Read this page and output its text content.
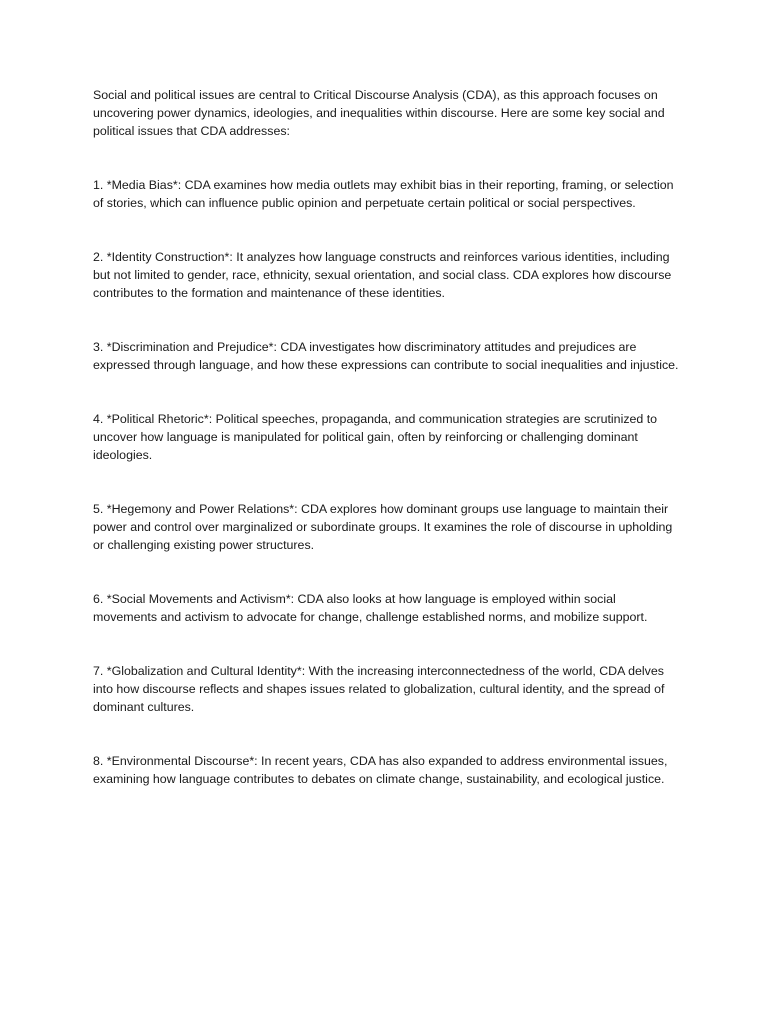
Social and political issues are central to Critical Discourse Analysis (CDA), as this approach focuses on uncovering power dynamics, ideologies, and inequalities within discourse. Here are some key social and political issues that CDA addresses:

1. *Media Bias*: CDA examines how media outlets may exhibit bias in their reporting, framing, or selection of stories, which can influence public opinion and perpetuate certain political or social perspectives.

2. *Identity Construction*: It analyzes how language constructs and reinforces various identities, including but not limited to gender, race, ethnicity, sexual orientation, and social class. CDA explores how discourse contributes to the formation and maintenance of these identities.

3. *Discrimination and Prejudice*: CDA investigates how discriminatory attitudes and prejudices are expressed through language, and how these expressions can contribute to social inequalities and injustice.

4. *Political Rhetoric*: Political speeches, propaganda, and communication strategies are scrutinized to uncover how language is manipulated for political gain, often by reinforcing or challenging dominant ideologies.

5. *Hegemony and Power Relations*: CDA explores how dominant groups use language to maintain their power and control over marginalized or subordinate groups. It examines the role of discourse in upholding or challenging existing power structures.

6. *Social Movements and Activism*: CDA also looks at how language is employed within social movements and activism to advocate for change, challenge established norms, and mobilize support.

7. *Globalization and Cultural Identity*: With the increasing interconnectedness of the world, CDA delves into how discourse reflects and shapes issues related to globalization, cultural identity, and the spread of dominant cultures.

8. *Environmental Discourse*: In recent years, CDA has also expanded to address environmental issues, examining how language contributes to debates on climate change, sustainability, and ecological justice.
